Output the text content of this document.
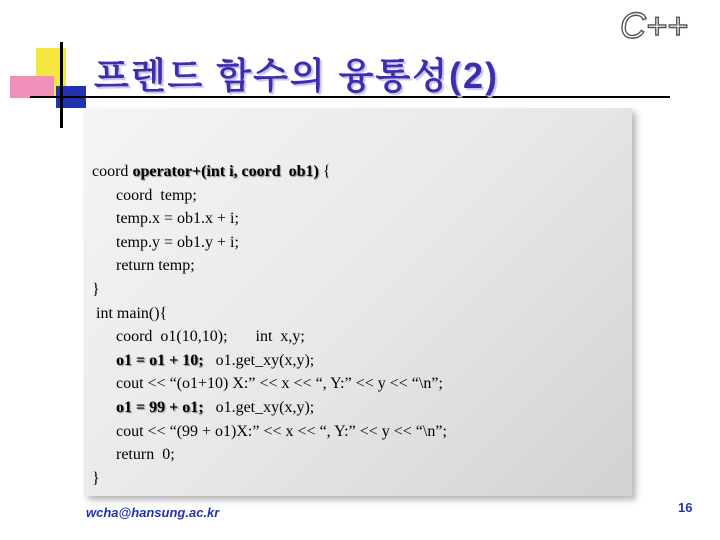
C++
프렌드 함수의 융통성(2)
coord operator+(int i, coord  ob1) {
coord  temp;
temp.x = ob1.x + i;
temp.y = ob1.y + i;
return temp;
}
int main(){
coord  o1(10,10);       int  x,y;
o1 = o1 + 10;   o1.get_xy(x,y);
cout << “(o1+10) X:” << x << “, Y:” << y << “\n”;
o1 = 99 + o1;   o1.get_xy(x,y);
cout << “(99 + o1)X:” << x << “, Y:” << y << “\n”;
return  0;
}
wcha@hansung.ac.kr	16
